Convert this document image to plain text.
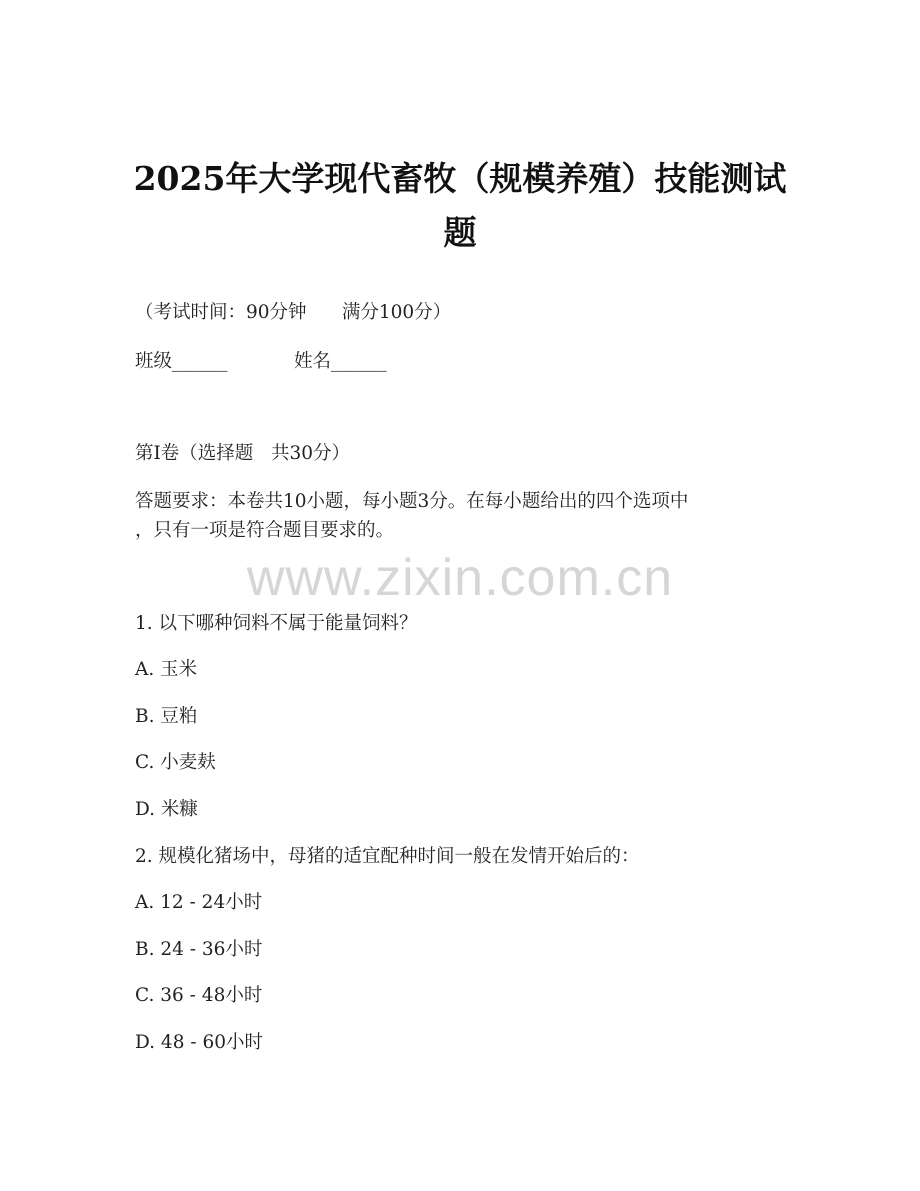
2025年大学现代畜牧（规模养殖）技能测试
题
（考试时间：90分钟      满分100分）
班级______	姓名______
第I卷（选择题   共30分）
答题要求：本卷共10小题，每小题3分。在每小题给出的四个选项中
，只有一项是符合题目要求的。
www.zixin.com.cn
1. 以下哪种饲料不属于能量饲料？
A. 玉米
B. 豆粕
C. 小麦麸
D. 米糠
2. 规模化猪场中，母猪的适宜配种时间一般在发情开始后的：
A. 12 - 24小时
B. 24 - 36小时
C. 36 - 48小时
D. 48 - 60小时
